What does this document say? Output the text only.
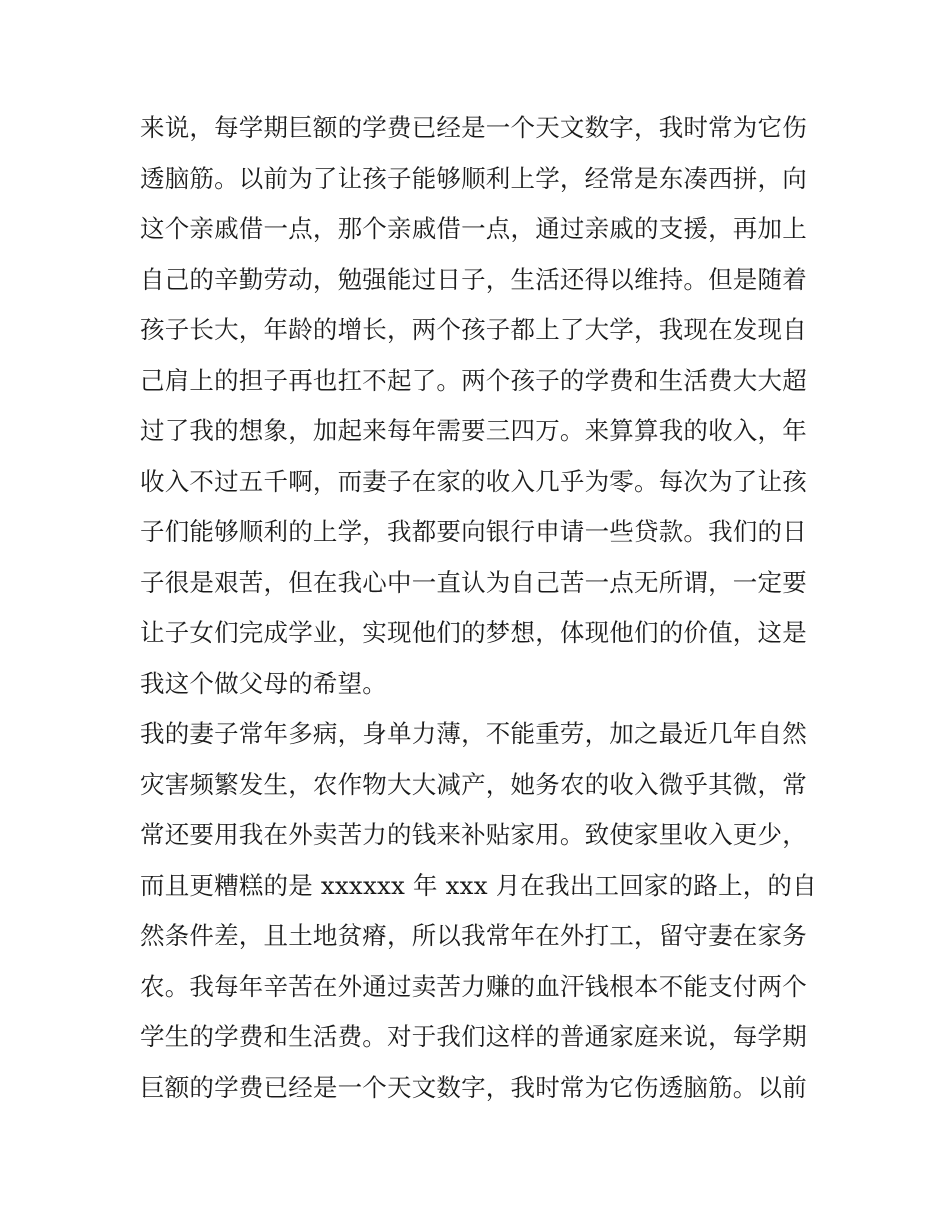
来说，每学期巨额的学费已经是一个天文数字，我时常为它伤
透脑筋。以前为了让孩子能够顺利上学，经常是东凑西拼，向
这个亲戚借一点，那个亲戚借一点，通过亲戚的支援，再加上
自己的辛勤劳动，勉强能过日子，生活还得以维持。但是随着
孩子长大，年龄的增长，两个孩子都上了大学，我现在发现自
己肩上的担子再也扛不起了。两个孩子的学费和生活费大大超
过了我的想象，加起来每年需要三四万。来算算我的收入，年
收入不过五千啊，而妻子在家的收入几乎为零。每次为了让孩
子们能够顺利的上学，我都要向银行申请一些贷款。我们的日
子很是艰苦，但在我心中一直认为自己苦一点无所谓，一定要
让子女们完成学业，实现他们的梦想，体现他们的价值，这是
我这个做父母的希望。
我的妻子常年多病，身单力薄，不能重劳，加之最近几年自然
灾害频繁发生，农作物大大减产，她务农的收入微乎其微，常
常还要用我在外卖苦力的钱来补贴家用。致使家里收入更少，
而且更糟糕的是 xxxxxx 年 xxx 月在我出工回家的路上，的自
然条件差，且土地贫瘠，所以我常年在外打工，留守妻在家务
农。我每年辛苦在外通过卖苦力赚的血汗钱根本不能支付两个
学生的学费和生活费。对于我们这样的普通家庭来说，每学期
巨额的学费已经是一个天文数字，我时常为它伤透脑筋。以前
